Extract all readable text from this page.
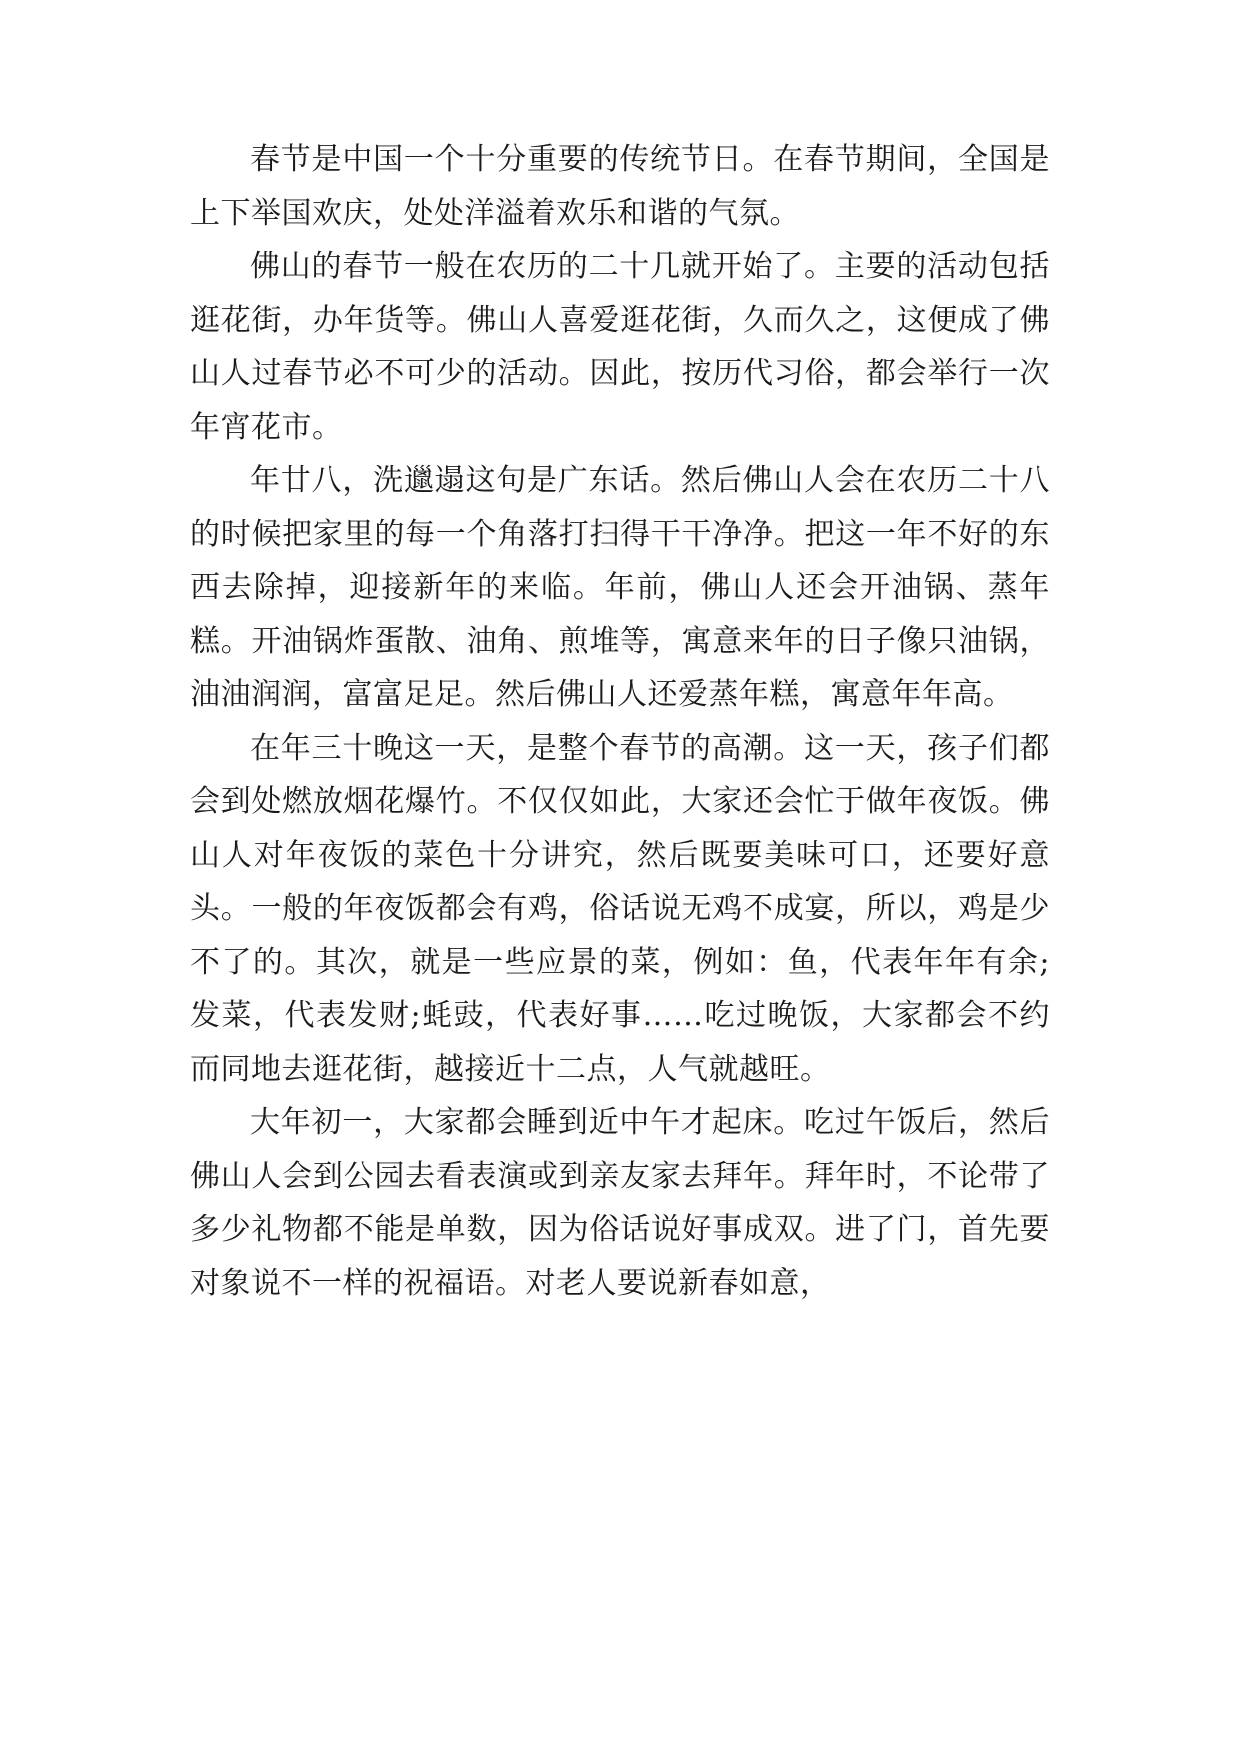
春节是中国一个十分重要的传统节日。在春节期间，全国是上下举国欢庆，处处洋溢着欢乐和谐的气氛。

佛山的春节一般在农历的二十几就开始了。主要的活动包括逛花街，办年货等。佛山人喜爱逛花街，久而久之，这便成了佛山人过春节必不可少的活动。因此，按历代习俗，都会举行一次年宵花市。

年廿八，洗邋遢这句是广东话。然后佛山人会在农历二十八的时候把家里的每一个角落打扫得干干净净。把这一年不好的东西去除掉，迎接新年的来临。年前，佛山人还会开油锅、蒸年糕。开油锅炸蛋散、油角、煎堆等，寓意来年的日子像只油锅，油油润润，富富足足。然后佛山人还爱蒸年糕，寓意年年高。

在年三十晚这一天，是整个春节的高潮。这一天，孩子们都会到处燃放烟花爆竹。不仅仅如此，大家还会忙于做年夜饭。佛山人对年夜饭的菜色十分讲究，然后既要美味可口，还要好意头。一般的年夜饭都会有鸡，俗话说无鸡不成宴，所以，鸡是少不了的。其次，就是一些应景的菜，例如：鱼，代表年年有余;发菜，代表发财;蚝豉，代表好事……吃过晚饭，大家都会不约而同地去逛花街，越接近十二点，人气就越旺。

大年初一，大家都会睡到近中午才起床。吃过午饭后，然后佛山人会到公园去看表演或到亲友家去拜年。拜年时，不论带了多少礼物都不能是单数，因为俗话说好事成双。进了门，首先要对象说不一样的祝福语。对老人要说新春如意，
